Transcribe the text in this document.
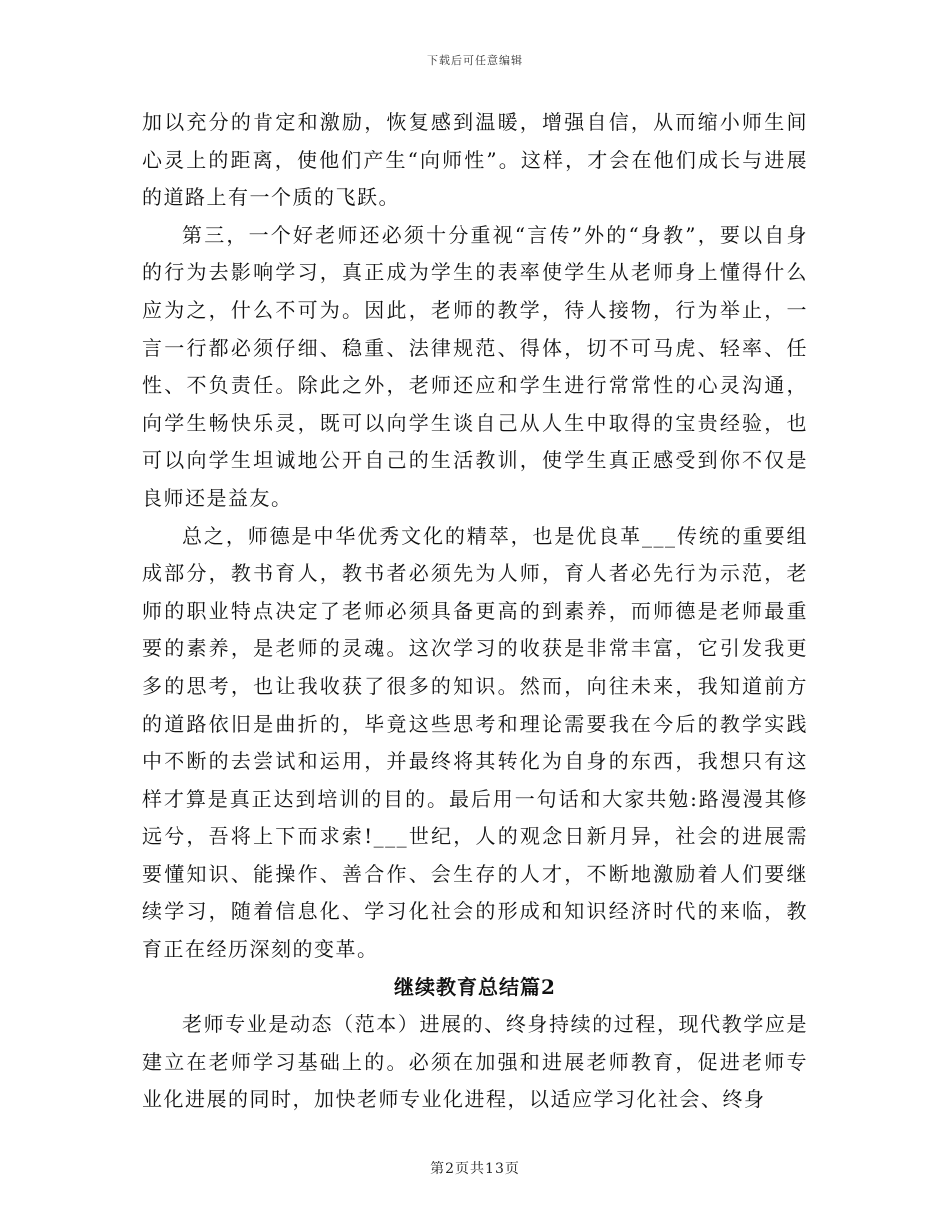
下载后可任意编辑

加以充分的肯定和激励，恢复感到温暖，增强自信，从而缩小师生间心灵上的距离，使他们产生“向师性”。这样，才会在他们成长与进展的道路上有一个质的飞跃。

第三，一个好老师还必须十分重视“言传”外的“身教”，要以自身的行为去影响学习，真正成为学生的表率使学生从老师身上懂得什么应为之，什么不可为。因此，老师的教学，待人接物，行为举止，一言一行都必须仔细、稳重、法律规范、得体，切不可马虎、轻率、任性、不负责任。除此之外，老师还应和学生进行常常性的心灵沟通，向学生畅快乐灵，既可以向学生谈自己从人生中取得的宝贵经验，也可以向学生坦诚地公开自己的生活教训，使学生真正感受到你不仅是良师还是益友。

总之，师德是中华优秀文化的精萃，也是优良革___传统的重要组成部分，教书育人，教书者必须先为人师，育人者必先行为示范，老师的职业特点决定了老师必须具备更高的到素养，而师德是老师最重要的素养，是老师的灵魂。这次学习的收获是非常丰富，它引发我更多的思考，也让我收获了很多的知识。然而，向往未来，我知道前方的道路依旧是曲折的，毕竟这些思考和理论需要我在今后的教学实践中不断的去尝试和运用，并最终将其转化为自身的东西，我想只有这样才算是真正达到培训的目的。最后用一句话和大家共勉:路漫漫其修远兮，吾将上下而求索!___世纪，人的观念日新月异，社会的进展需要懂知识、能操作、善合作、会生存的人才，不断地激励着人们要继续学习，随着信息化、学习化社会的形成和知识经济时代的来临，教育正在经历深刻的变革。

继续教育总结篇2

老师专业是动态（范本）进展的、终身持续的过程，现代教学应是建立在老师学习基础上的。必须在加强和进展老师教育，促进老师专业化进展的同时，加快老师专业化进程，以适应学习化社会、终身

第2页共13页
